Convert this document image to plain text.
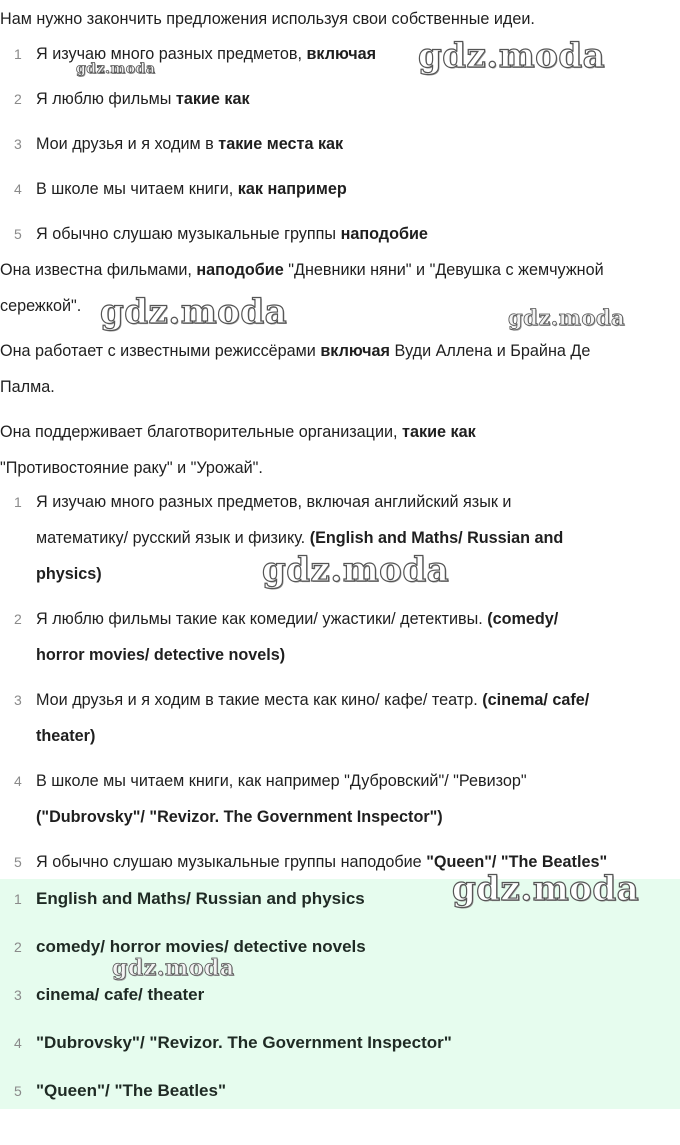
Нам нужно закончить предложения используя свои собственные идеи.
1 Я изучаю много разных предметов, включая
2 Я люблю фильмы такие как
3 Мои друзья и я ходим в такие места как
4 В школе мы читаем книги, как например
5 Я обычно слушаю музыкальные группы наподобие
Она известна фильмами, наподобие "Дневники няни" и "Девушка с жемчужной
сережкой".
Она работает с известными режиссёрами включая Вуди Аллена и Брайна Де
Палма.
Она поддерживает благотворительные организации, такие как
"Противостояние раку" и "Урожай".
1 Я изучаю много разных предметов, включая английский язык и
математику/ русский язык и физику. (English and Maths/ Russian and
physics)
2 Я люблю фильмы такие как комедии/ ужастики/ детективы. (comedy/
horror movies/ detective novels)
3 Мои друзья и я ходим в такие места как кино/ кафе/ театр. (cinema/ cafe/
theater)
4 В школе мы читаем книги, как например "Дубровский"/ "Ревизор"
("Dubrovsky"/ "Revizor. The Government Inspector")
5 Я обычно слушаю музыкальные группы наподобие "Queen"/ "The Beatles"
1 English and Maths/ Russian and physics
2 comedy/ horror movies/ detective novels
3 cinema/ cafe/ theater
4 "Dubrovsky"/ "Revizor. The Government Inspector"
5 "Queen"/ "The Beatles"
gdz.moda
gdz.moda
gdz.moda	gdz.moda
gdz.moda
gdz.moda
gdz.moda
